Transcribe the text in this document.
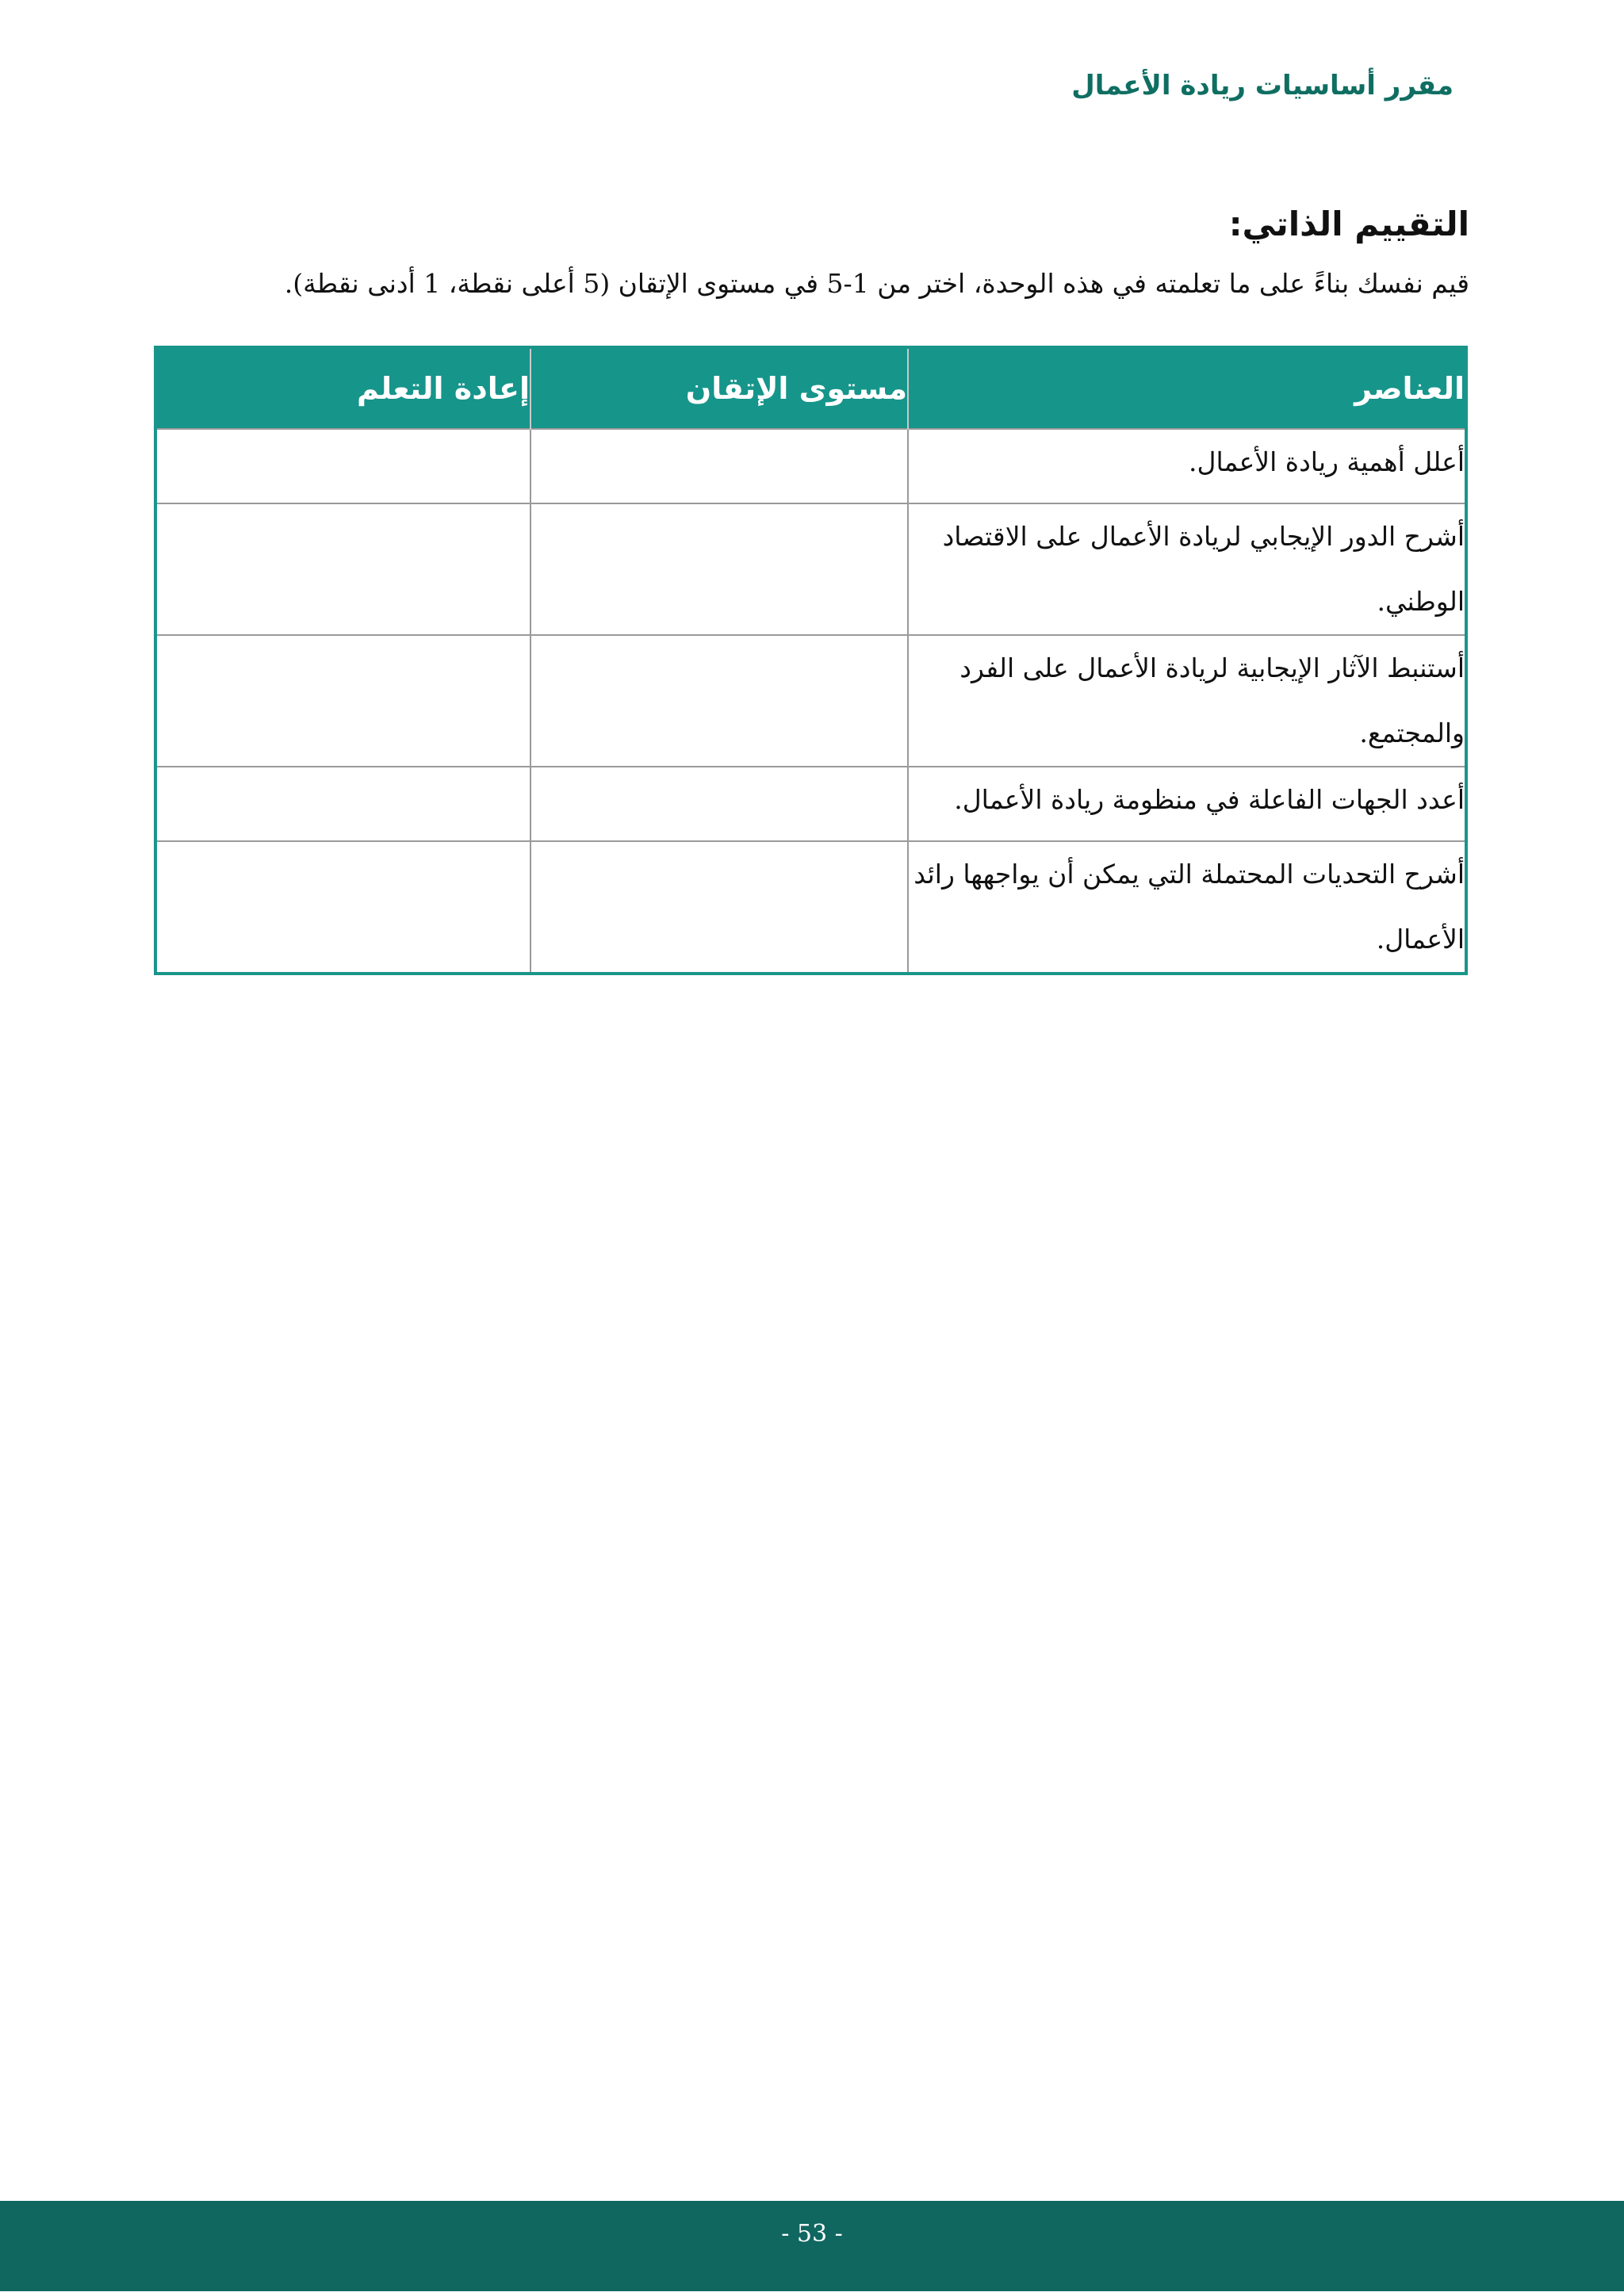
مقرر أساسيات ريادة الأعمال
التقييم الذاتي:
قيم نفسك بناءً على ما تعلمته في هذه الوحدة، اختر من 1-5 في مستوى الإتقان (5 أعلى نقطة، 1 أدنى نقطة).
العناصر	مستوى الإتقان	إعادة التعلم
أعلل أهمية ريادة الأعمال.		
أشرح الدور الإيجابي لريادة الأعمال على الاقتصاد الوطني.		
أستنبط الآثار الإيجابية لريادة الأعمال على الفرد والمجتمع.		
أعدد الجهات الفاعلة في منظومة ريادة الأعمال.		
أشرح التحديات المحتملة التي يمكن أن يواجهها رائد الأعمال.		
- 53 -
